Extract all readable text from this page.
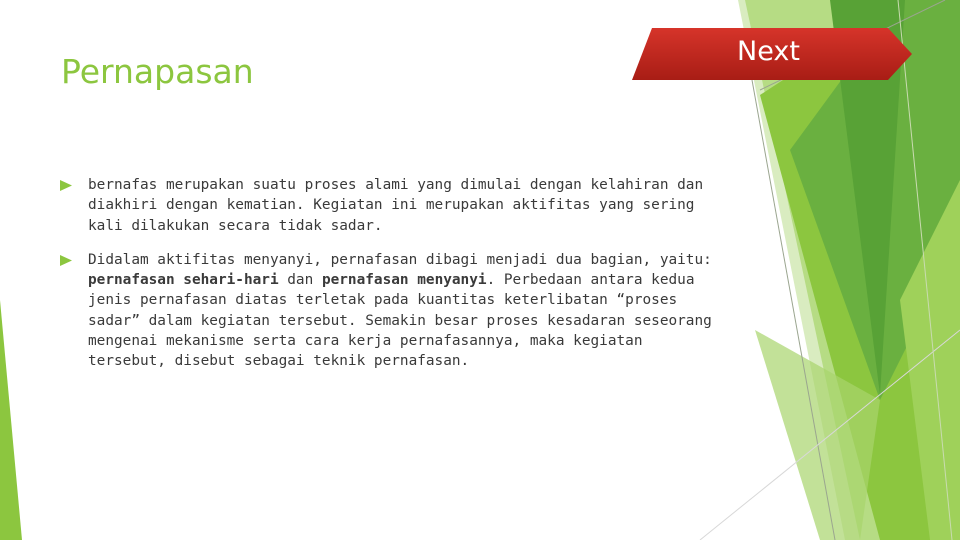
Pernapasan
Next
bernafas merupakan suatu proses alami yang dimulai dengan kelahiran dan diakhiri dengan kematian. Kegiatan ini merupakan aktifitas yang sering kali dilakukan secara tidak sadar.
Didalam aktifitas menyanyi, pernafasan dibagi menjadi dua bagian, yaitu: pernafasan sehari-hari dan pernafasan menyanyi. Perbedaan antara kedua jenis pernafasan diatas terletak pada kuantitas keterlibatan “proses sadar” dalam kegiatan tersebut. Semakin besar proses kesadaran seseorang mengenai mekanisme serta cara kerja pernafasannya, maka kegiatan tersebut, disebut sebagai teknik pernafasan.
